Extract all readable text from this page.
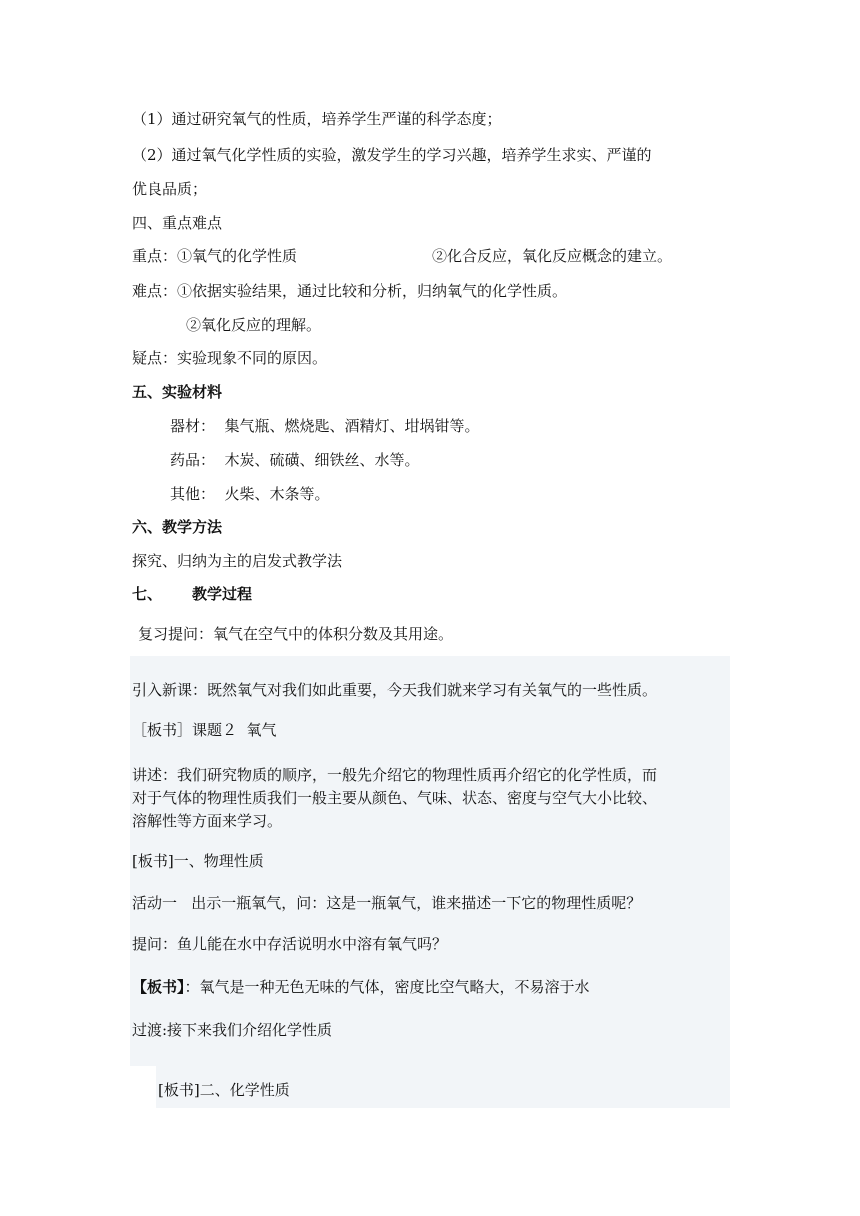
（1）通过研究氧气的性质，培养学生严谨的科学态度；
（2）通过氧气化学性质的实验，激发学生的学习兴趣，培养学生求实、严谨的
优良品质；
四、重点难点
重点：①氧气的化学性质	②化合反应，氧化反应概念的建立。
难点：①依据实验结果，通过比较和分析，归纳氧气的化学性质。
②氧化反应的理解。
疑点：实验现象不同的原因。
五、实验材料
器材：  集气瓶、燃烧匙、酒精灯、坩埚钳等。
药品：  木炭、硫磺、细铁丝、水等。
其他：  火柴、木条等。
六、教学方法
探究、归纳为主的启发式教学法
七、 教学过程
复习提问：氧气在空气中的体积分数及其用途。
引入新课：既然氧气对我们如此重要，今天我们就来学习有关氧气的一些性质。
［板书］课题２  氧气
讲述：我们研究物质的顺序，一般先介绍它的物理性质再介绍它的化学性质，而
对于气体的物理性质我们一般主要从颜色、气味、状态、密度与空气大小比较、
溶解性等方面来学习。
[板书]一、物理性质
活动一   出示一瓶氧气，问：这是一瓶氧气，谁来描述一下它的物理性质呢？
提问：鱼儿能在水中存活说明水中溶有氧气吗？
【板书】：氧气是一种无色无味的气体，密度比空气略大，不易溶于水
过渡:接下来我们介绍化学性质
[板书]二、化学性质
